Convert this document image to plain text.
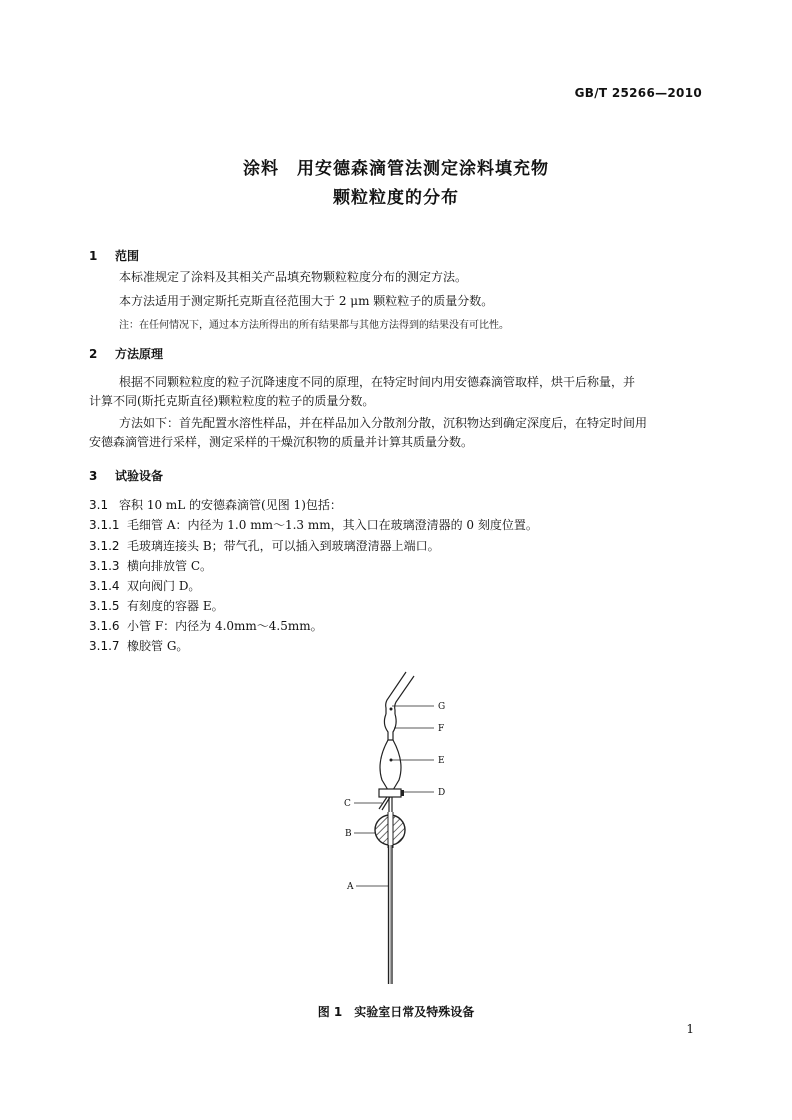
GB/T 25266—2010
涂料　用安德森滴管法测定涂料填充物
颗粒粒度的分布
1 范围
本标准规定了涂料及其相关产品填充物颗粒粒度分布的测定方法。
本方法适用于测定斯托克斯直径范围大于 2 μm 颗粒粒子的质量分数。
注：在任何情况下，通过本方法所得出的所有结果都与其他方法得到的结果没有可比性。
2 方法原理
根据不同颗粒粒度的粒子沉降速度不同的原理，在特定时间内用安德森滴管取样，烘干后称量，并
计算不同(斯托克斯直径)颗粒粒度的粒子的质量分数。
方法如下：首先配置水溶性样品，并在样品加入分散剂分散，沉积物达到确定深度后，在特定时间用
安德森滴管进行采样，测定采样的干燥沉积物的质量并计算其质量分数。
3 试验设备
3.1 容积 10 mL 的安德森滴管(见图 1)包括：
3.1.1 毛细管 A：内径为 1.0 mm～1.3 mm，其入口在玻璃澄清器的 0 刻度位置。
3.1.2 毛玻璃连接头 B；带气孔，可以插入到玻璃澄清器上端口。
3.1.3 横向排放管 C。
3.1.4 双向阀门 D。
3.1.5 有刻度的容器 E。
3.1.6 小管 F：内径为 4.0mm～4.5mm。
3.1.7 橡胶管 G。
G
F
E
D
C
B
A
图 1　实验室日常及特殊设备
1
